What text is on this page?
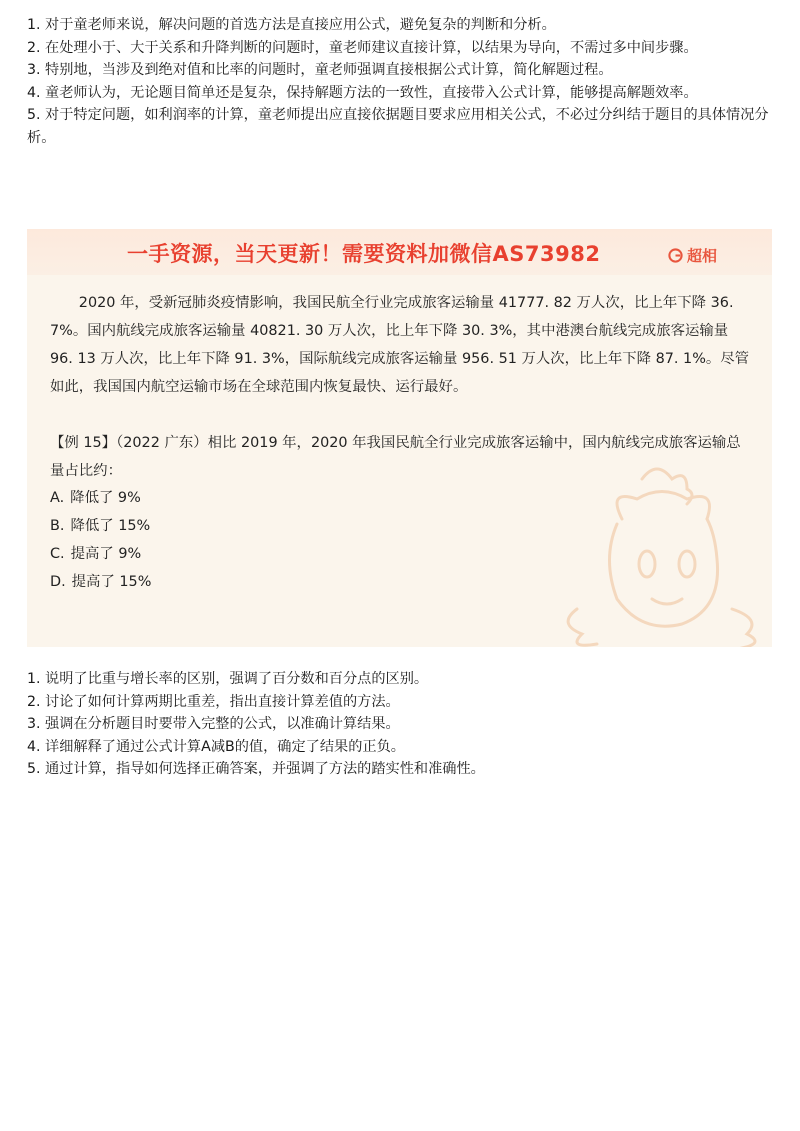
1. 对于童老师来说，解决问题的首选方法是直接应用公式，避免复杂的判断和分析。

2. 在处理小于、大于关系和升降判断的问题时，童老师建议直接计算，以结果为导向，不需过多中间步骤。

3. 特别地，当涉及到绝对值和比率的问题时，童老师强调直接根据公式计算，简化解题过程。

4. 童老师认为，无论题目简单还是复杂，保持解题方法的一致性，直接带入公式计算，能够提高解题效率。

5. 对于特定问题，如利润率的计算，童老师提出应直接依据题目要求应用相关公式，不必过分纠结于题目的具体情况分析。

一手资源，当天更新！需要资料加微信AS73982	超相

2020 年，受新冠肺炎疫情影响，我国民航全行业完成旅客运输量 41777. 82 万人次，比上年下降 36. 7%。国内航线完成旅客运输量 40821. 30 万人次，比上年下降 30. 3%，其中港澳台航线完成旅客运输量 96. 13 万人次，比上年下降 91. 3%，国际航线完成旅客运输量 956. 51 万人次，比上年下降 87. 1%。尽管如此，我国国内航空运输市场在全球范围内恢复最快、运行最好。

【例 15】（2022 广东）相比 2019 年，2020 年我国民航全行业完成旅客运输中，国内航线完成旅客运输总量占比约：

A. 降低了 9%
B. 降低了 15%
C. 提高了 9%
D. 提高了 15%

1. 说明了比重与增长率的区别，强调了百分数和百分点的区别。

2. 讨论了如何计算两期比重差，指出直接计算差值的方法。

3. 强调在分析题目时要带入完整的公式，以准确计算结果。

4. 详细解释了通过公式计算A减B的值，确定了结果的正负。

5. 通过计算，指导如何选择正确答案，并强调了方法的踏实性和准确性。
